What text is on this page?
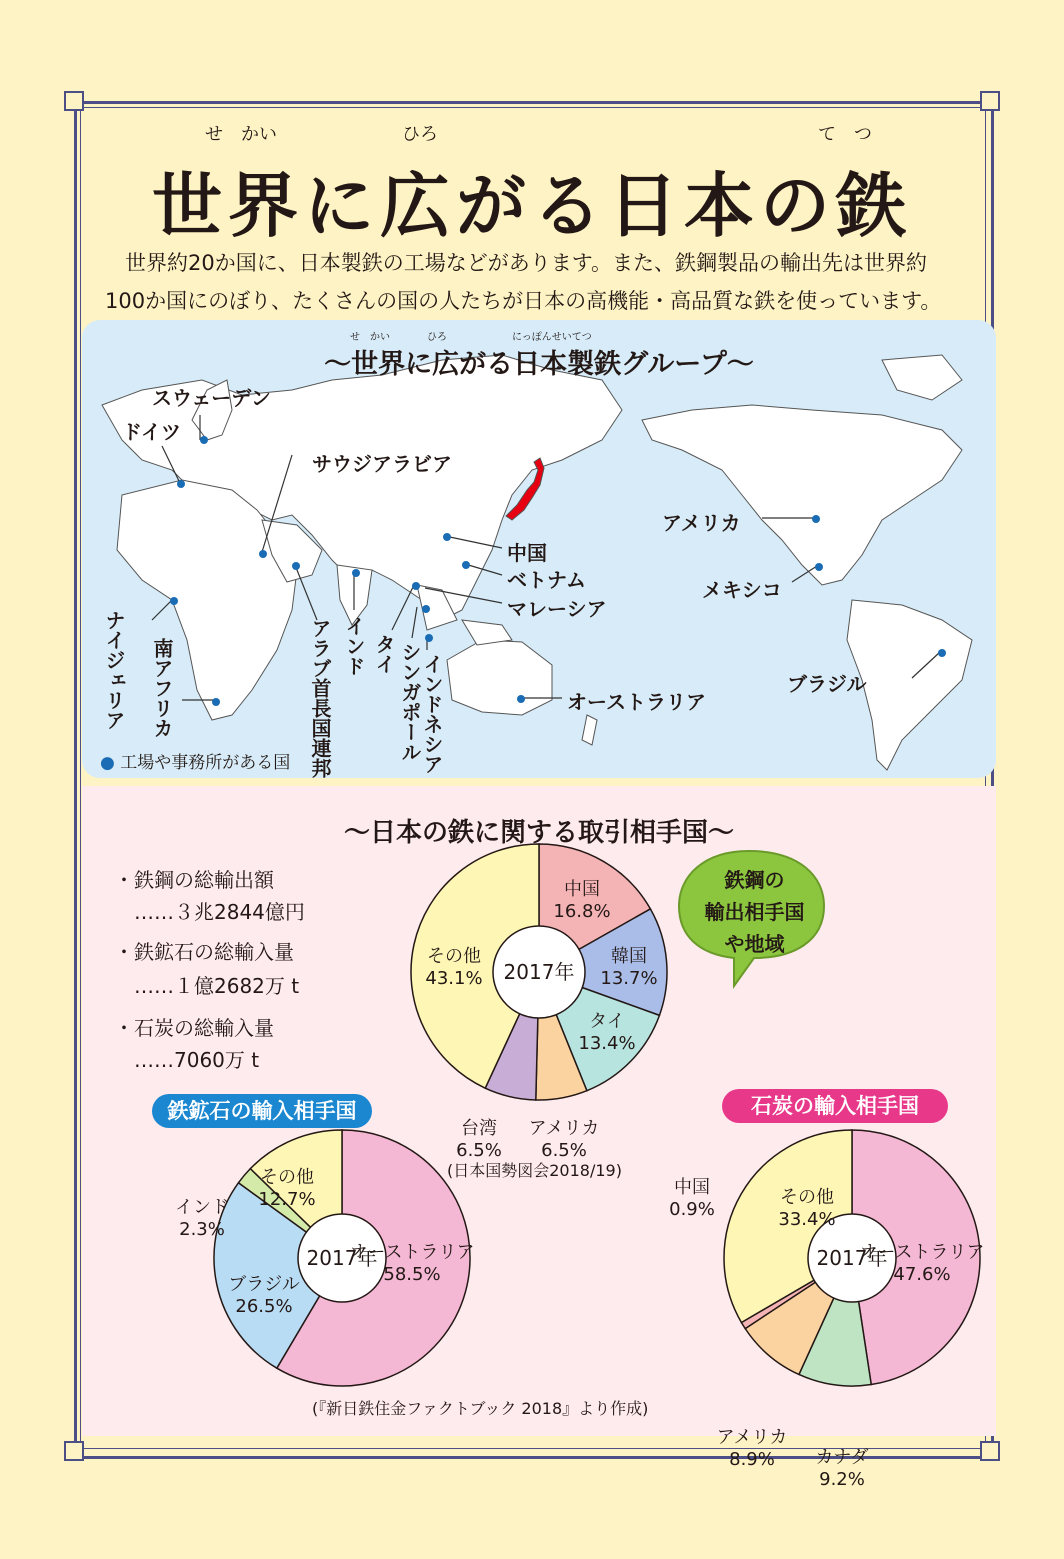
せ　かい	ひろ	て　つ
世界に広がる日本の鉄
世界約20か国に、日本製鉄の工場などがあります。また、鉄鋼製品の輸出先は世界約
100か国にのぼり、たくさんの国の人たちが日本の高機能・高品質な鉄を使っています。
せ　かい	ひろ	にっぽんせいてつ
～世界に広がる日本製鉄グループ～
スウェーデン
ドイツ
サウジアラビア
アメリカ
中国
ベトナム
マレーシア
メキシコ
ブラジル
オーストラリア
ナイジェリア 南アフリカ	アラブ首長国連邦 インド タイ シンガポール
インドネシア
● 工場や事務所がある国
～日本の鉄に関する取引相手国～
・鉄鋼の総輸出額
……３兆2844億円
・鉄鉱石の総輸入量
……１億2682万 t
・石炭の総輸入量
……7060万 t
鉄鋼の
輸出相手国
や地域
鉄鉱石の輸入相手国	石炭の輸入相手国
2017年
中国
16.8%
韓国
13.7%
タイ
13.4%
アメリカ
6.5%
台湾
6.5%
その他
43.1%
2017年
オーストラリア
58.5%
ブラジル
26.5%
インド
2.3%
その他
12.7%
2017年
オーストラリア
47.6%
カナダ
9.2%
アメリカ
8.9%
中国
0.9%
その他
33.4%
(日本国勢図会2018/19)
(『新日鉄住金ファクトブック 2018』より作成)
